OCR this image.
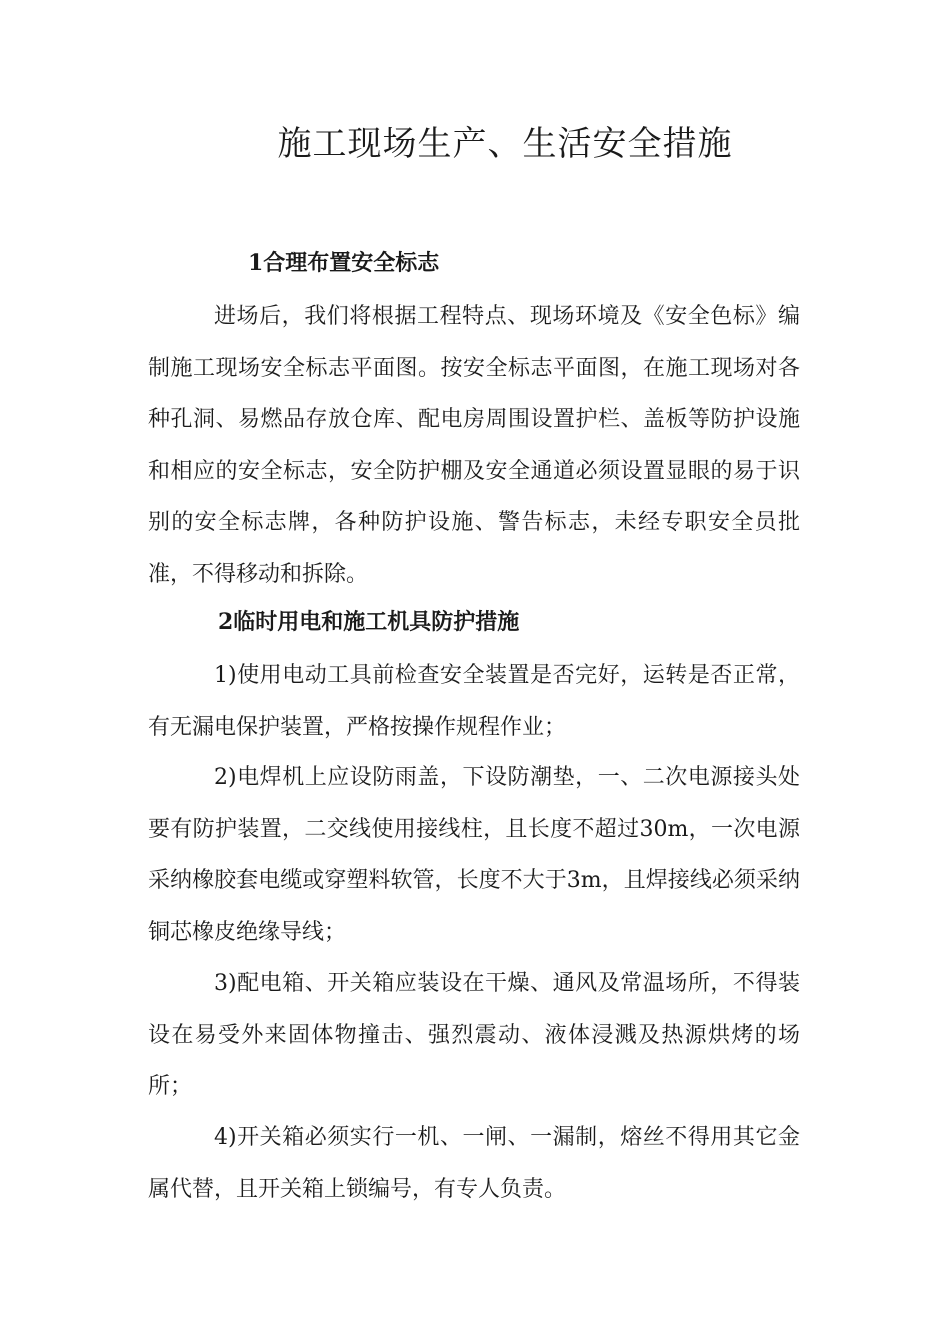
施工现场生产、生活安全措施
1合理布置安全标志

进场后，我们将根据工程特点、现场环境及《安全色标》编制施工现场安全标志平面图。按安全标志平面图，在施工现场对各种孔洞、易燃品存放仓库、配电房周围设置护栏、盖板等防护设施和相应的安全标志，安全防护棚及安全通道必须设置显眼的易于识别的安全标志牌，各种防护设施、警告标志，未经专职安全员批准，不得移动和拆除。

2临时用电和施工机具防护措施

1)使用电动工具前检查安全装置是否完好，运转是否正常，有无漏电保护装置，严格按操作规程作业；

2)电焊机上应设防雨盖，下设防潮垫，一、二次电源接头处要有防护装置，二交线使用接线柱，且长度不超过30m，一次电源采纳橡胶套电缆或穿塑料软管，长度不大于3m，且焊接线必须采纳铜芯橡皮绝缘导线；

3)配电箱、开关箱应装设在干燥、通风及常温场所，不得装设在易受外来固体物撞击、强烈震动、液体浸溅及热源烘烤的场所；

4)开关箱必须实行一机、一闸、一漏制，熔丝不得用其它金属代替，且开关箱上锁编号，有专人负责。
